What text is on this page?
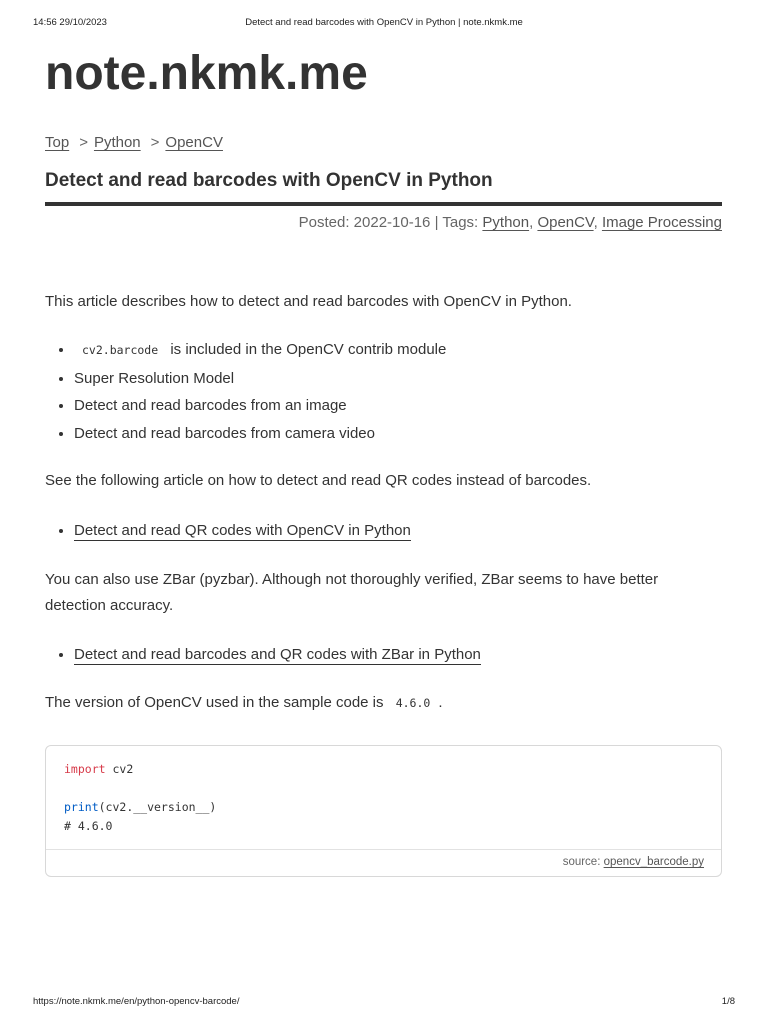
14:56 29/10/2023	Detect and read barcodes with OpenCV in Python | note.nkmk.me
note.nkmk.me
Top > Python > OpenCV
Detect and read barcodes with OpenCV in Python
Posted: 2022-10-16 | Tags: Python, OpenCV, Image Processing

This article describes how to detect and read barcodes with OpenCV in Python.

• cv2.barcode is included in the OpenCV contrib module
• Super Resolution Model
• Detect and read barcodes from an image
• Detect and read barcodes from camera video

See the following article on how to detect and read QR codes instead of barcodes.

• Detect and read QR codes with OpenCV in Python

You can also use ZBar (pyzbar). Although not thoroughly verified, ZBar seems to have better detection accuracy.

• Detect and read barcodes and QR codes with ZBar in Python

The version of OpenCV used in the sample code is 4.6.0 .

import cv2

print(cv2.__version__)
# 4.6.0
source: opencv_barcode.py
https://note.nkmk.me/en/python-opencv-barcode/	1/8
